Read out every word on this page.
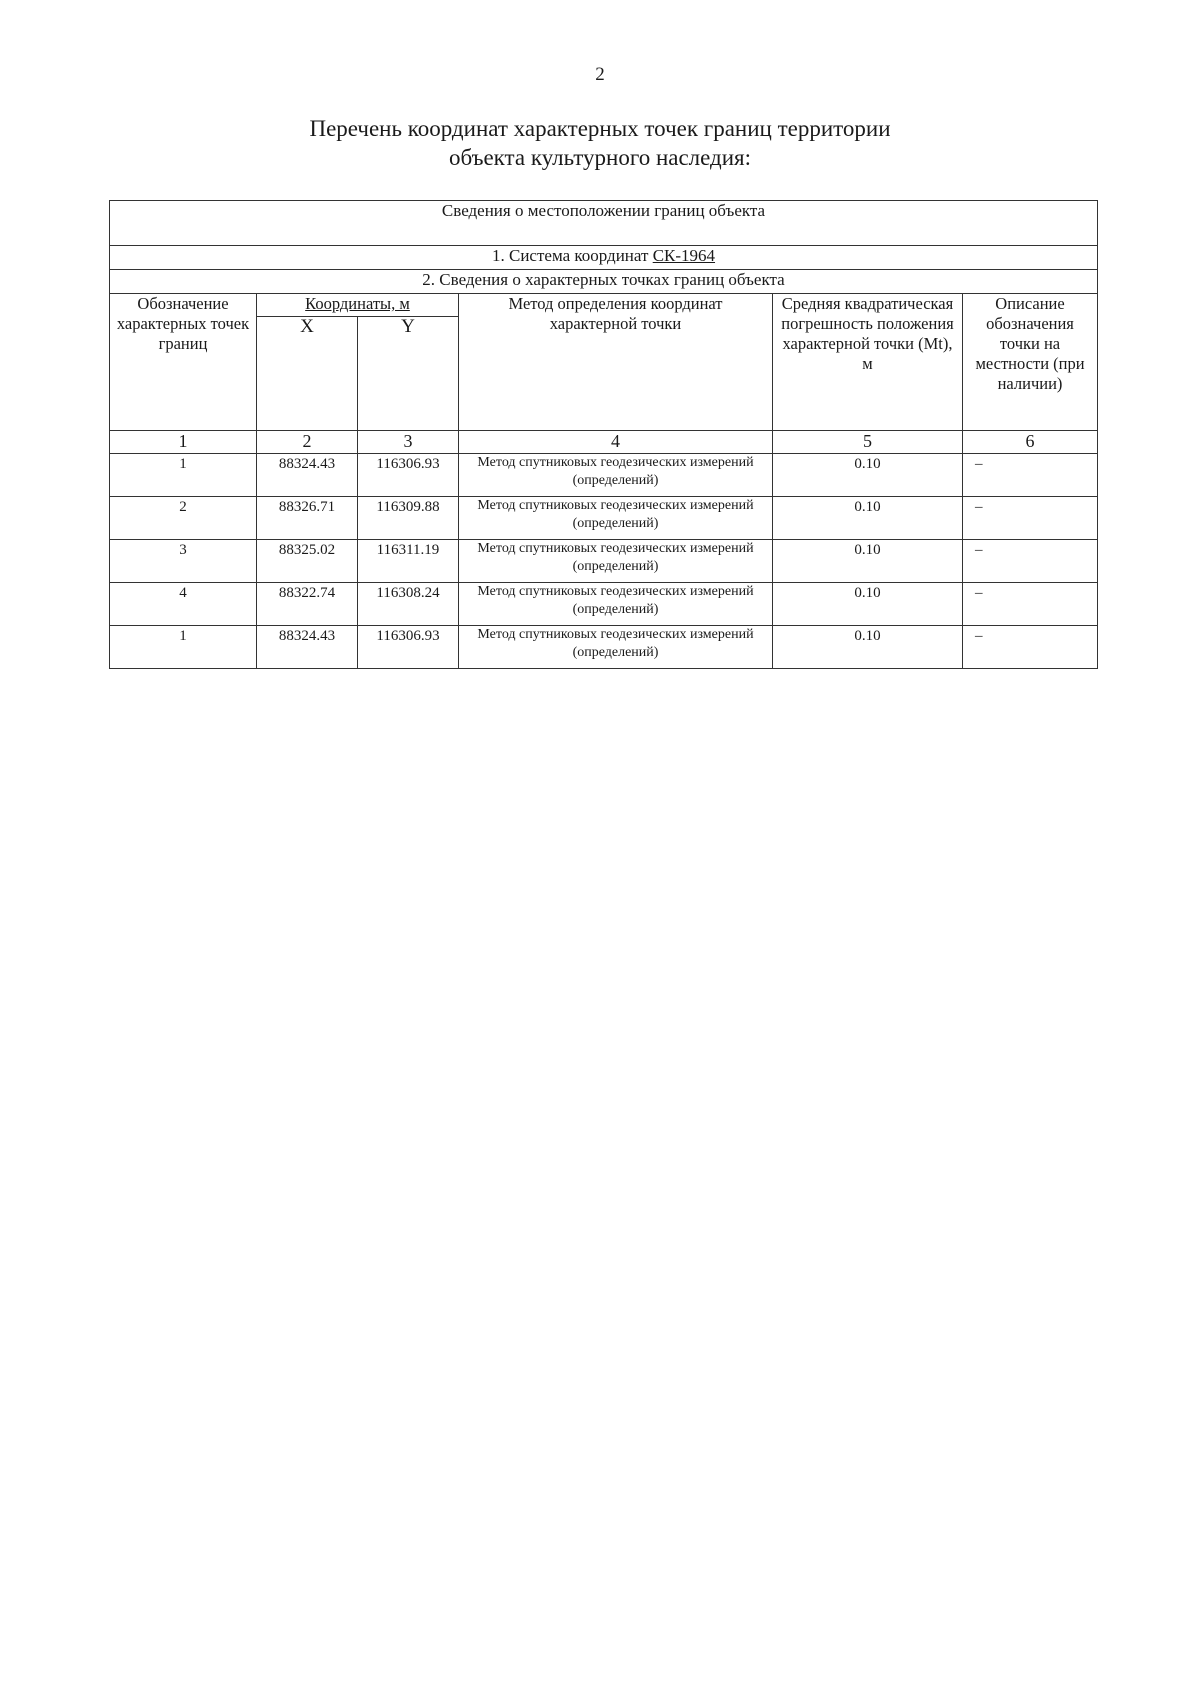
2
Перечень координат характерных точек границ территории
объекта культурного наследия:
Сведения о местоположении границ объекта					
1. Система координат СК-1964					
2. Сведения о характерных точках границ объекта					
Обозначение характерных точек границ	Координаты, м		Метод определения координат характерной точки	Средняя квадратическая погрешность положения характерной точки (Mt), м	Описание обозначения точки на местности (при наличии)
	X	Y			
1	2	3	4	5	6
1	88324.43	116306.93	Метод спутниковых геодезических измерений (определений)	0.10	–
2	88326.71	116309.88	Метод спутниковых геодезических измерений (определений)	0.10	–
3	88325.02	116311.19	Метод спутниковых геодезических измерений (определений)	0.10	–
4	88322.74	116308.24	Метод спутниковых геодезических измерений (определений)	0.10	–
1	88324.43	116306.93	Метод спутниковых геодезических измерений (определений)	0.10	–
